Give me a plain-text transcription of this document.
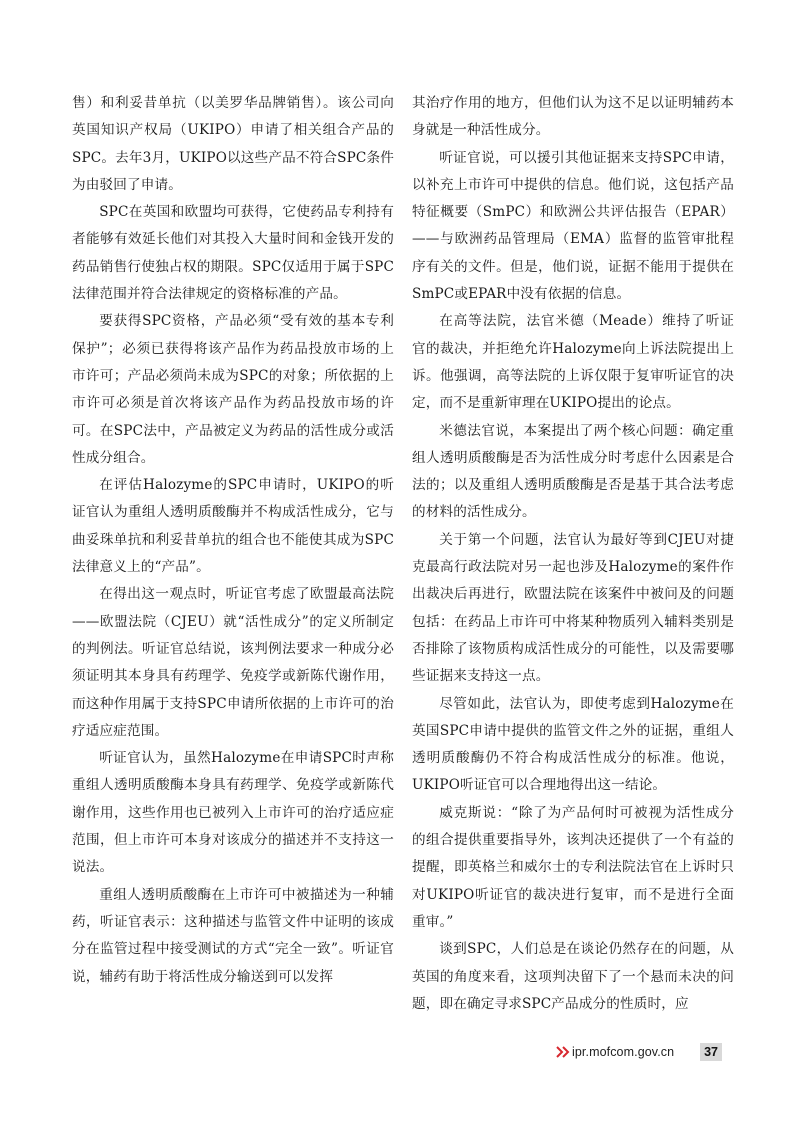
售）和利妥昔单抗（以美罗华品牌销售）。该公司向英国知识产权局（UKIPO）申请了相关组合产品的SPC。去年3月，UKIPO以这些产品不符合SPC条件为由驳回了申请。

SPC在英国和欧盟均可获得，它使药品专利持有者能够有效延长他们对其投入大量时间和金钱开发的药品销售行使独占权的期限。SPC仅适用于属于SPC法律范围并符合法律规定的资格标准的产品。

要获得SPC资格，产品必须“受有效的基本专利保护”；必须已获得将该产品作为药品投放市场的上市许可；产品必须尚未成为SPC的对象；所依据的上市许可必须是首次将该产品作为药品投放市场的许可。在SPC法中，产品被定义为药品的活性成分或活性成分组合。

在评估Halozyme的SPC申请时，UKIPO的听证官认为重组人透明质酸酶并不构成活性成分，它与曲妥珠单抗和利妥昔单抗的组合也不能使其成为SPC法律意义上的“产品”。

在得出这一观点时，听证官考虑了欧盟最高法院——欧盟法院（CJEU）就“活性成分”的定义所制定的判例法。听证官总结说，该判例法要求一种成分必须证明其本身具有药理学、免疫学或新陈代谢作用，而这种作用属于支持SPC申请所依据的上市许可的治疗适应症范围。

听证官认为，虽然Halozyme在申请SPC时声称重组人透明质酸酶本身具有药理学、免疫学或新陈代谢作用，这些作用也已被列入上市许可的治疗适应症范围，但上市许可本身对该成分的描述并不支持这一说法。

重组人透明质酸酶在上市许可中被描述为一种辅药，听证官表示：这种描述与监管文件中证明的该成分在监管过程中接受测试的方式“完全一致”。听证官说，辅药有助于将活性成分输送到可以发挥

其治疗作用的地方，但他们认为这不足以证明辅药本身就是一种活性成分。

听证官说，可以援引其他证据来支持SPC申请，以补充上市许可中提供的信息。他们说，这包括产品特征概要（SmPC）和欧洲公共评估报告（EPAR）——与欧洲药品管理局（EMA）监督的监管审批程序有关的文件。但是，他们说，证据不能用于提供在SmPC或EPAR中没有依据的信息。

在高等法院，法官米德（Meade）维持了听证官的裁决，并拒绝允许Halozyme向上诉法院提出上诉。他强调，高等法院的上诉仅限于复审听证官的决定，而不是重新审理在UKIPO提出的论点。

米德法官说，本案提出了两个核心问题：确定重组人透明质酸酶是否为活性成分时考虑什么因素是合法的；以及重组人透明质酸酶是否是基于其合法考虑的材料的活性成分。

关于第一个问题，法官认为最好等到CJEU对捷克最高行政法院对另一起也涉及Halozyme的案件作出裁决后再进行，欧盟法院在该案件中被问及的问题包括：在药品上市许可中将某种物质列入辅料类别是否排除了该物质构成活性成分的可能性，以及需要哪些证据来支持这一点。

尽管如此，法官认为，即使考虑到Halozyme在英国SPC申请中提供的监管文件之外的证据，重组人透明质酸酶仍不符合构成活性成分的标准。他说，UKIPO听证官可以合理地得出这一结论。

威克斯说：“除了为产品何时可被视为活性成分的组合提供重要指导外，该判决还提供了一个有益的提醒，即英格兰和威尔士的专利法院法官在上诉时只对UKIPO听证官的裁决进行复审，而不是进行全面重审。”

谈到SPC，人们总是在谈论仍然存在的问题，从英国的角度来看，这项判决留下了一个悬而未决的问题，即在确定寻求SPC产品成分的性质时，应

ipr.mofcom.gov.cn	37
